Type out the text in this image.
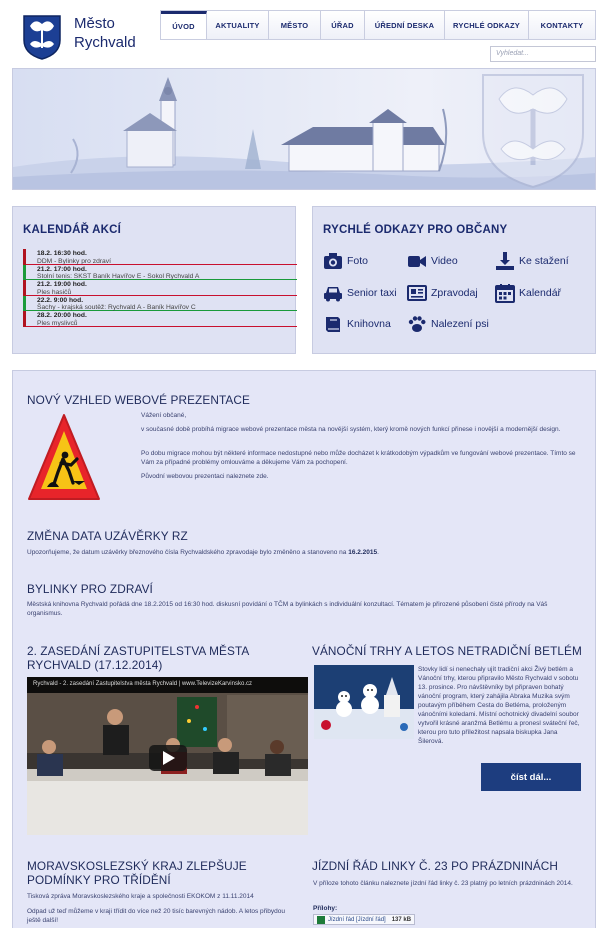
Město
Rychvald
ÚVOD	AKTUALITY	MĚSTO	ÚŘAD	ÚŘEDNÍ DESKA	RYCHLÉ ODKAZY	KONTAKTY
Vyhledat...
KALENDÁŘ AKCÍ
18.2. 16:30 hod.
DDM - Bylinky pro zdraví
21.2. 17:00 hod.
Stolní tenis: SKST Baník Havířov E - Sokol Rychvald A
21.2. 19:00 hod.
Ples hasičů
22.2. 9:00 hod.
Šachy - krajská soutěž: Rychvald A - Baník Havířov C
28.2. 20:00 hod.
Ples myslivců
RYCHLÉ ODKAZY PRO OBČANY
Foto	Video	Ke stažení
Senior taxi	Zpravodaj	Kalendář
Knihovna	Nalezení psi
NOVÝ VZHLED WEBOVÉ PREZENTACE
Vážení občané,
v současné době probíhá migrace webové prezentace města na novější systém, který kromě nových funkcí přinese i novější a modernější design.
Po dobu migrace mohou být některé informace nedostupné nebo může docházet k krátkodobým výpadkům ve fungování webové prezentace. Tímto se Vám za případné problémy omlouváme a děkujeme Vám za pochopení.
Původní webovou prezentaci naleznete zde.
ZMĚNA DATA UZÁVĚRKY RZ
Upozorňujeme, že datum uzávěrky březnového čísla Rychvaldského zpravodaje bylo změněno a stanoveno na 16.2.2015.
BYLINKY PRO ZDRAVÍ
Městská knihovna Rychvald pořádá dne 18.2.2015 od 16:30 hod. diskusní povídání o TČM a bylinkách s individuální konzultací. Tématem je přirozené působení čisté přírody na Váš organismus.
2. ZASEDÁNÍ ZASTUPITELSTVA MĚSTA
RYCHVALD (17.12.2014)
Rychvald - 2. zasedání Zastupitelstva města Rychvald | www.TelevizeKarvinsko.cz
VÁNOČNÍ TRHY A LETOS NETRADIČNÍ BETLÉM
Stovky lidí si nenechaly ujít tradiční akci Živý betlém a Vánoční trhy, kterou připravilo Město Rychvald v sobotu 13. prosince. Pro návštěvníky byl připraven bohatý vánoční program, který zahájila Abraka Muzika svým poutavým příběhem Cesta do Betléma, proloženým vánočními koledami. Místní ochotnický divadelní soubor vytvořil krásné aranžmá Betlému a pronesl sváteční řeč, kterou pro tuto příležitost napsala biskupka Jana Šilerová.
číst dál...
MORAVSKOSLEZSKÝ KRAJ ZLEPŠUJE
PODMÍNKY PRO TŘÍDĚNÍ
Tisková zpráva Moravskoslezského kraje a společnosti EKOKOM z 11.11.2014
Odpad už teď můžeme v kraji třídit do více než 20 tisíc barevných nádob. A letos přibydou ještě další!
JÍZDNÍ ŘÁD LINKY Č. 23 PO PRÁZDNINÁCH
V příloze tohoto článku naleznete jízdní řád linky č. 23 platný po letních prázdninách 2014.
Přílohy:
Jízdní řád [Jízdní řád] 137 kB
